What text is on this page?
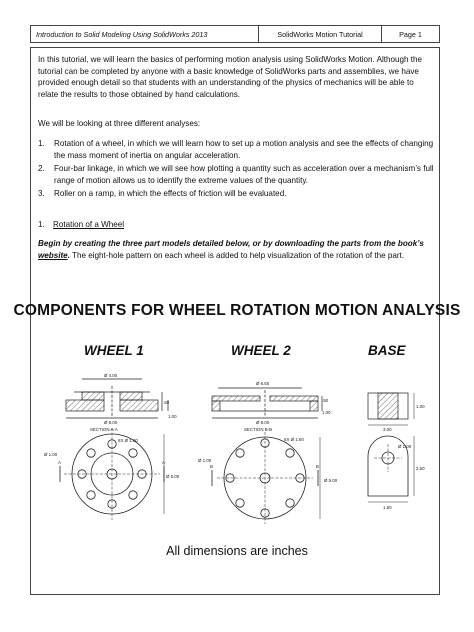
Introduction to Solid Modeling Using SolidWorks 2013	SolidWorks Motion Tutorial	Page 1
In this tutorial, we will learn the basics of performing motion analysis using SolidWorks Motion. Although the tutorial can be completed by anyone with a basic knowledge of SolidWorks parts and assemblies, we have provided enough detail so that students with an understanding of the physics of mechanics will be able to relate the results to those obtained by hand calculations.
We will be looking at three different analyses:
1. Rotation of a wheel, in which we will learn how to set up a motion analysis and see the effects of changing the mass moment of inertia on angular acceleration.
2. Four-bar linkage, in which we will see how plotting a quantity such as acceleration over a mechanism’s full range of motion allows us to identify the extreme values of the quantity.
3. Roller on a ramp, in which the effects of friction will be evaluated.
1. Rotation of a Wheel
Begin by creating the three part models detailed below, or by downloading the parts from the book’s website. The eight-hole pattern on each wheel is added to help visualization of the rotation of the part.
COMPONENTS FOR WHEEL ROTATION MOTION ANALYSIS
WHEEL 1	WHEEL 2	BASE
Ø 4.00
Ø 8.00
.50
1.00
SECTION A-A
A	A
8X Ø 1.00
Ø 1.00
Ø 5.00
Ø 6.50
Ø 8.00
.50
1.00
SECTION B-B
B	B
6X Ø 1.00
Ø 1.00
Ø 5.00
3.00
1.00
Ø 1.00
2.50
1.50
All dimensions are inches
